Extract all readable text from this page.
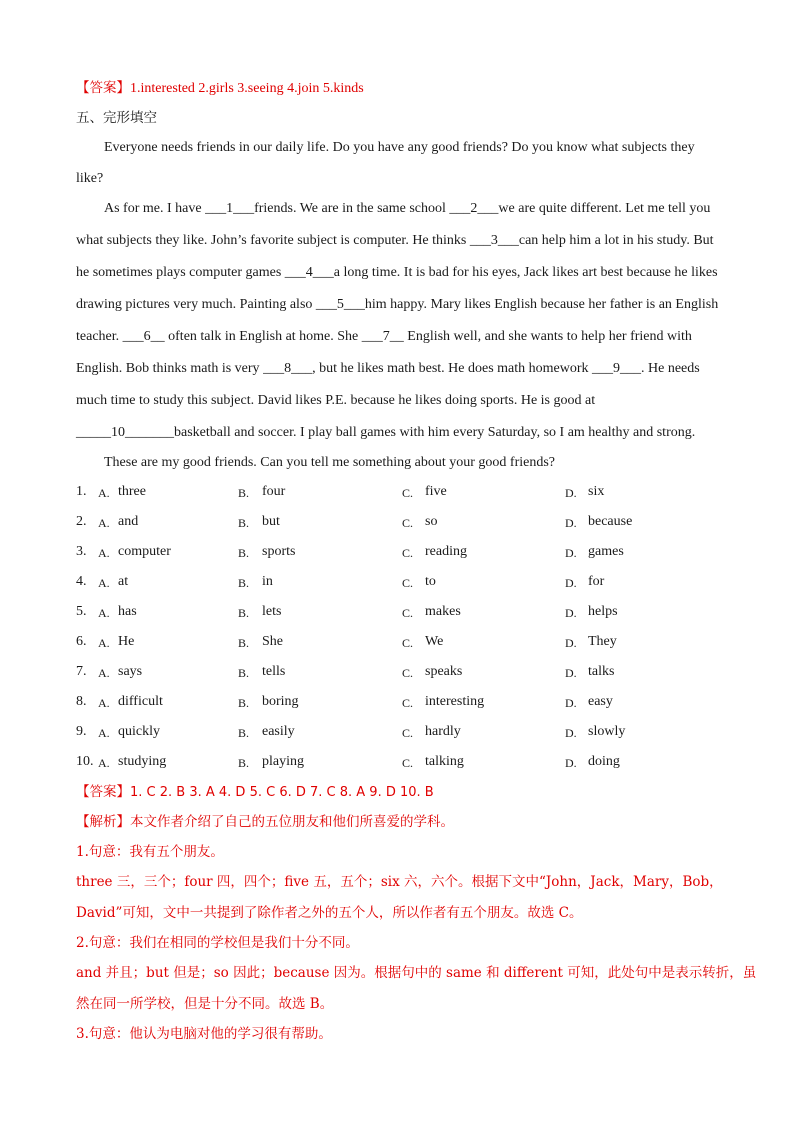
【答案】1.interested 2.girls 3.seeing 4.join 5.kinds
五、完形填空
Everyone needs friends in our daily life. Do you have any good friends? Do you know what subjects they
like?
As for me. I have ___1___friends. We are in the same school ___2___we are quite different. Let me tell you
what subjects they like. John’s favorite subject is computer. He thinks ___3___can help him a lot in his study. But
he sometimes plays computer games ___4___a long time. It is bad for his eyes, Jack likes art best because he likes
drawing pictures very much. Painting also ___5___him happy. Mary likes English because her father is an English
teacher. ___6__ often talk in English at home. She ___7__ English well, and she wants to help her friend with
English. Bob thinks math is very ___8___, but he likes math best. He does math homework ___9___. He needs
much time to study this subject. David likes P.E. because he likes doing sports. He is good at
_____10_______basketball and soccer. I play ball games with him every Saturday, so I am healthy and strong.
These are my good friends. Can you tell me something about your good friends?
1. A. three	B. four	C. five	D. six
2. A. and	B. but	C. so	D. because
3. A. computer	B. sports	C. reading	D. games
4. A. at	B. in	C. to	D. for
5. A. has	B. lets	C. makes	D. helps
6. A. He	B. She	C. We	D. They
7. A. says	B. tells	C. speaks	D. talks
8. A. difficult	B. boring	C. interesting	D. easy
9. A. quickly	B. easily	C. hardly	D. slowly
10. A. studying	B. playing	C. talking	D. doing
【答案】1. C 2. B 3. A 4. D 5. C 6. D 7. C 8. A 9. D 10. B
【解析】本文作者介绍了自己的五位朋友和他们所喜爱的学科。
1.句意：我有五个朋友。
three 三，三个；four 四，四个；five 五，五个；six 六，六个。根据下文中“John，Jack，Mary，Bob，
David”可知，文中一共提到了除作者之外的五个人，所以作者有五个朋友。故选 C。
2.句意：我们在相同的学校但是我们十分不同。
and 并且；but 但是；so 因此；because 因为。根据句中的 same 和 different 可知，此处句中是表示转折，虽
然在同一所学校，但是十分不同。故选 B。
3.句意：他认为电脑对他的学习很有帮助。
